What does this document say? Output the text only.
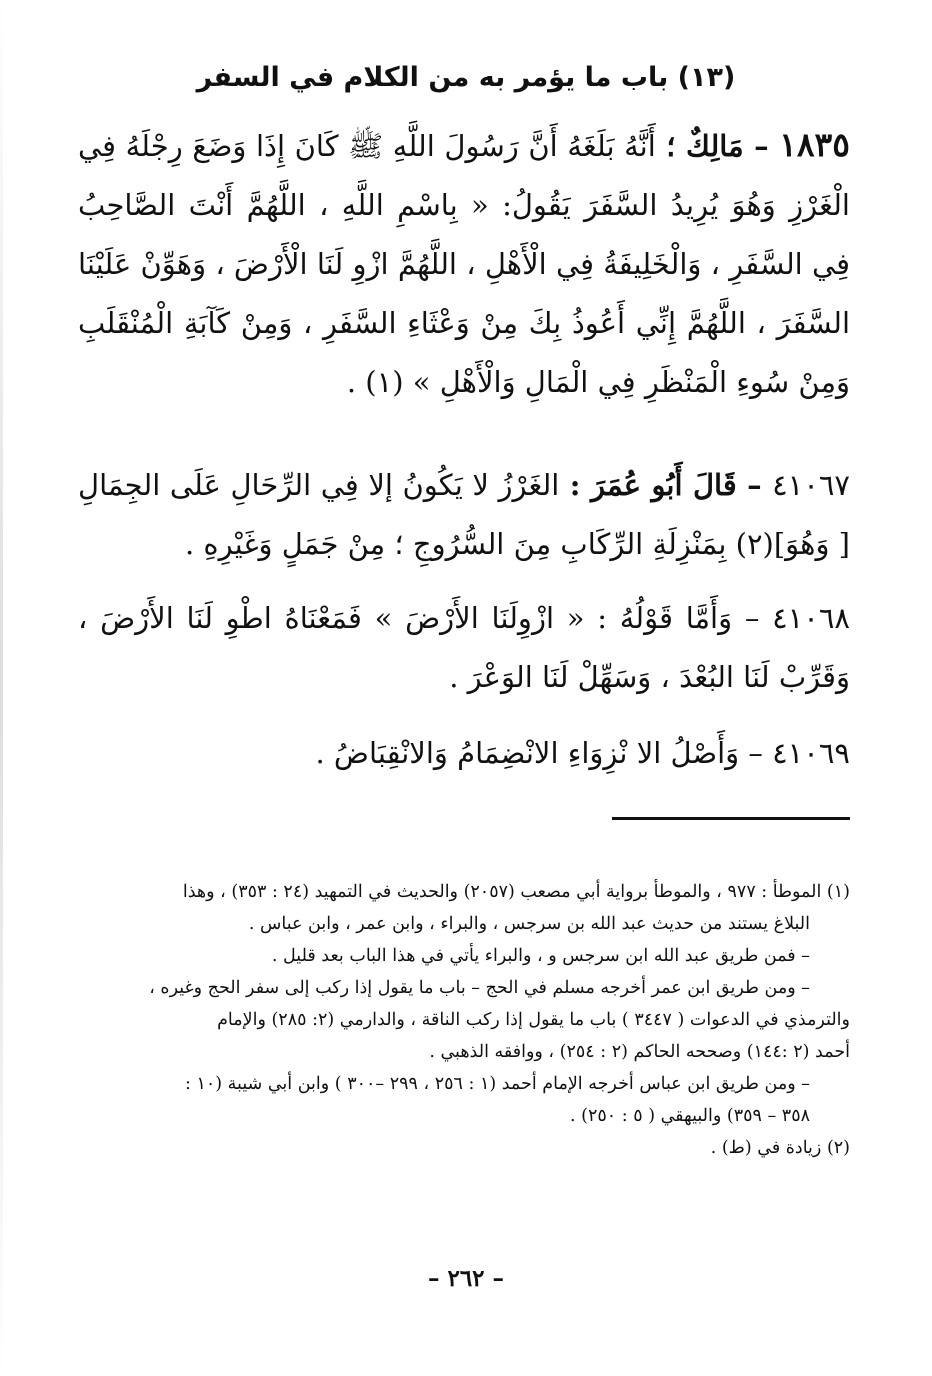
(١٣) باب ما يؤمر به من الكلام في السفر
١٨٣٥ – مَالِكٌ ؛ أَنَّهُ بَلَغَهُ أَنَّ رَسُولَ اللَّهِ ﷺ كَانَ إِذَا وَضَعَ رِجْلَهُ فِي الْغَرْزِ وَهُوَ يُرِيدُ السَّفَرَ يَقُولُ: « بِاسْمِ اللَّهِ ، اللَّهُمَّ أَنْتَ الصَّاحِبُ فِي السَّفَرِ ، وَالْخَلِيفَةُ فِي الْأَهْلِ ، اللَّهُمَّ ازْوِ لَنَا الْأَرْضَ ، وَهَوِّنْ عَلَيْنَا السَّفَرَ ، اللَّهُمَّ إِنِّي أَعُوذُ بِكَ مِنْ وَعْثَاءِ السَّفَرِ ، وَمِنْ كَآبَةِ الْمُنْقَلَبِ وَمِنْ سُوءِ الْمَنْظَرِ فِي الْمَالِ وَالْأَهْلِ » (١) .
٤١٠٦٧ – قَالَ أَبُو عُمَرَ : الغَرْزُ لا يَكُونُ إلا فِي الرِّحَالِ عَلَى الجِمَالِ [ وَهُوَ](٢) بِمَنْزِلَةِ الرِّكَابِ مِنَ السُّرُوجِ ؛ مِنْ جَمَلٍ وَغَيْرِهِ .
٤١٠٦٨ – وَأَمَّا قَوْلُهُ : « ازْوِلَنَا الأَرْضَ » فَمَعْنَاهُ اطْوِ لَنَا الأَرْضَ ، وَقَرِّبْ لَنَا البُعْدَ ، وَسَهِّلْ لَنَا الوَعْرَ .
٤١٠٦٩ – وَأَصْلُ الا نْزِوَاءِ الانْضِمَامُ وَالانْقِبَاضُ .

(١) الموطأ : ٩٧٧ ، والموطأ برواية أبي مصعب (٢٠٥٧) والحديث في التمهيد (٢٤ : ٣٥٣) ، وهذا

البلاغ يستند من حديث عبد الله بن سرجس ، والبراء ، وابن عمر ، وابن عباس .

– فمن طريق عبد الله ابن سرجس و ، والبراء يأتي في هذا الباب بعد قليل .

– ومن طريق ابن عمر أخرجه مسلم في الحج – باب ما يقول إذا ركب إلى سفر الحج وغيره ،

والترمذي في الدعوات ( ٣٤٤٧ ) باب ما يقول إذا ركب الناقة ، والدارمي (٢: ٢٨٥) والإمام

أحمد (٢ :١٤٤) وصححه الحاكم (٢ : ٢٥٤) ، ووافقه الذهبي .

– ومن طريق ابن عباس أخرجه الإمام أحمد (١ : ٢٥٦ ، ٢٩٩ –٣٠٠ ) وابن أبي شيبة (١٠ :

٣٥٨ – ٣٥٩) والبيهقي ( ٥ : ٢٥٠) .

(٢) زيادة في (ط) .

– ٢٦٢ –
